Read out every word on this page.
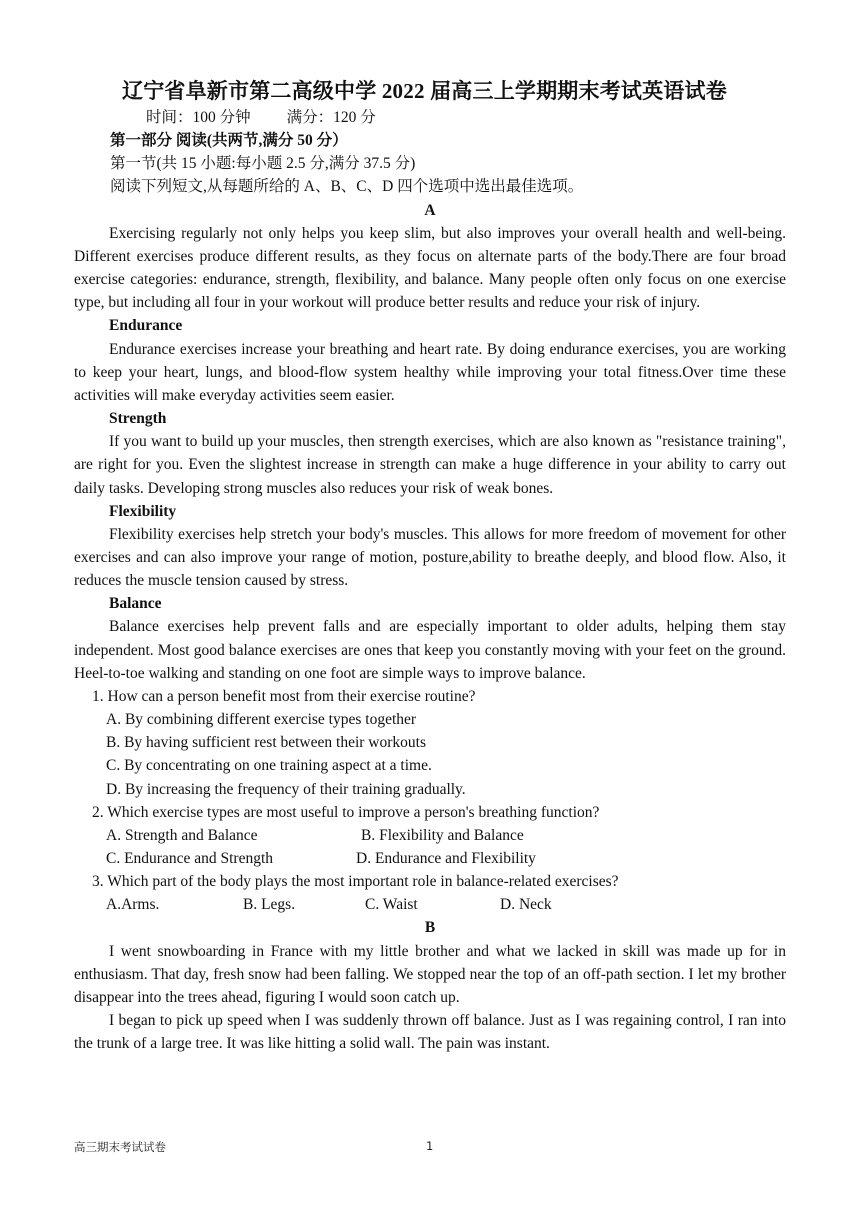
辽宁省阜新市第二高级中学 2022 届高三上学期期末考试英语试卷

时间：100 分钟 满分：120 分

第一部分 阅读(共两节,满分 50 分）

第一节(共 15 小题:每小题 2.5 分,满分 37.5 分)

阅读下列短文,从每题所给的 A、B、C、D 四个选项中选出最佳选项。

A

Exercising regularly not only helps you keep slim, but also improves your overall health and well-being. Different exercises produce different results, as they focus on alternate parts of the body.There are four broad exercise categories: endurance, strength, flexibility, and balance. Many people often only focus on one exercise type, but including all four in your workout will produce better results and reduce your risk of injury.

Endurance

Endurance exercises increase your breathing and heart rate. By doing endurance exercises, you are working to keep your heart, lungs, and blood-flow system healthy while improving your total fitness.Over time these activities will make everyday activities seem easier.

Strength

If you want to build up your muscles, then strength exercises, which are also known as "resistance training", are right for you. Even the slightest increase in strength can make a huge difference in your ability to carry out daily tasks. Developing strong muscles also reduces your risk of weak bones.

Flexibility

Flexibility exercises help stretch your body's muscles. This allows for more freedom of movement for other exercises and can also improve your range of motion, posture,ability to breathe deeply, and blood flow. Also, it reduces the muscle tension caused by stress.

Balance

Balance exercises help prevent falls and are especially important to older adults, helping them stay independent. Most good balance exercises are ones that keep you constantly moving with your feet on the ground. Heel-to-toe walking and standing on one foot are simple ways to improve balance.

1. How can a person benefit most from their exercise routine?

A. By combining different exercise types together

B. By having sufficient rest between their workouts

C. By concentrating on one training aspect at a time.

D. By increasing the frequency of their training gradually.

2. Which exercise types are most useful to improve a person's breathing function?

A. Strength and Balance	B. Flexibility and Balance

C. Endurance and Strength	D. Endurance and Flexibility

3. Which part of the body plays the most important role in balance-related exercises?

A.Arms.	B. Legs.	C. Waist	D. Neck

B

I went snowboarding in France with my little brother and what we lacked in skill was made up for in enthusiasm. That day, fresh snow had been falling. We stopped near the top of an off-path section. I let my brother disappear into the trees ahead, figuring I would soon catch up.

I began to pick up speed when I was suddenly thrown off balance. Just as I was regaining control, I ran into the trunk of a large tree. It was like hitting a solid wall. The pain was instant.

高三期末考试试卷	1
